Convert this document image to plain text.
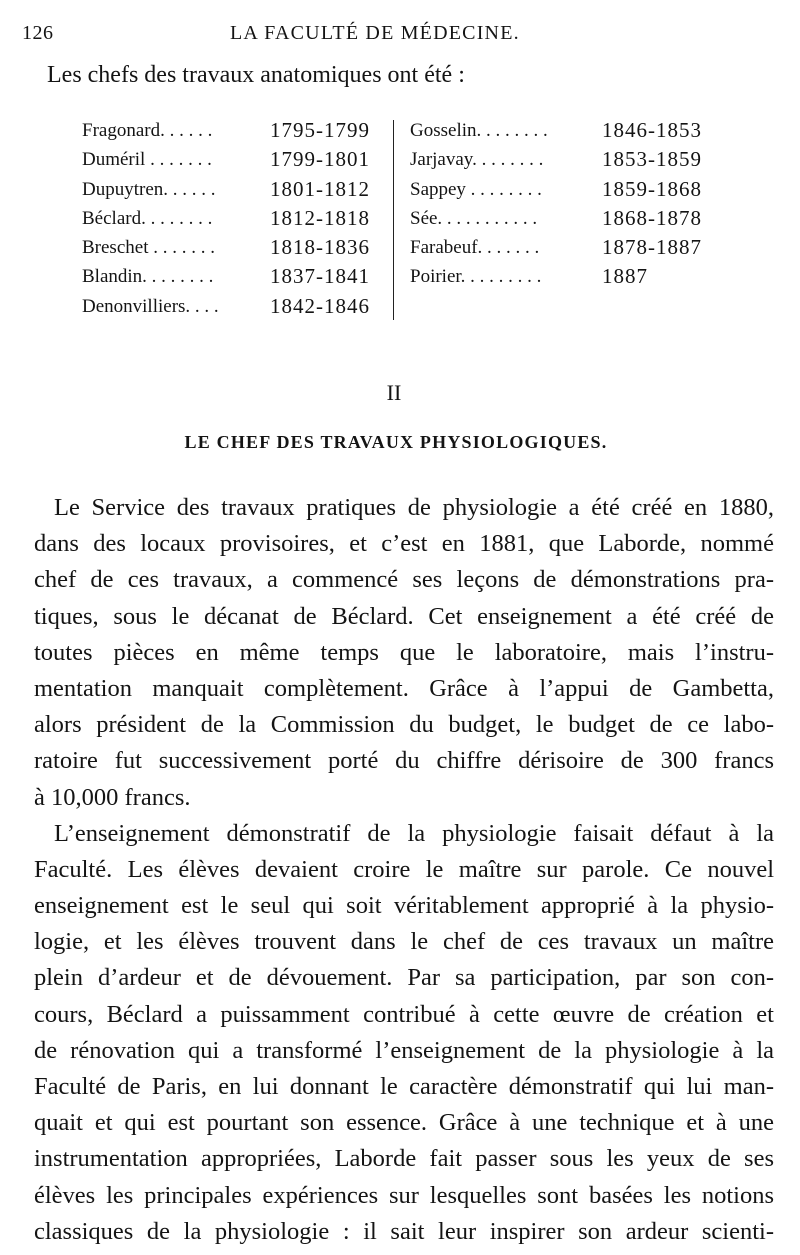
126	LA FACULTÉ DE MÉDECINE.
Les chefs des travaux anatomiques ont été :
Fragonard. . . . . .	1795-1799
Duméril . . . . . . .	1799-1801
Dupuytren. . . . . .	1801-1812
Béclard. . . . . . . .	1812-1818
Breschet . . . . . . .	1818-1836
Blandin. . . . . . . .	1837-1841
Denonvilliers. . . . 1842-1846
Gosselin. . . . . . . .	1846-1853
Jarjavay. . . . . . . .	1853-1859
Sappey . . . . . . . .	1859-1868
Sée. . . . . . . . . . .	1868-1878
Farabeuf. . . . . . .	1878-1887
Poirier. . . . . . . . .	1887
II
LE CHEF DES TRAVAUX PHYSIOLOGIQUES.
Le Service des travaux pratiques de physiologie a été créé en 1880,
dans des locaux provisoires, et c’est en 1881, que Laborde, nommé
chef de ces travaux, a commencé ses leçons de démonstrations pra-
tiques, sous le décanat de Béclard. Cet enseignement a été créé de
toutes pièces en même temps que le laboratoire, mais l’instru-
mentation manquait complètement. Grâce à l’appui de Gambetta,
alors président de la Commission du budget, le budget de ce labo-
ratoire fut successivement porté du chiffre dérisoire de 300 francs
à 10,000 francs.
L’enseignement démonstratif de la physiologie faisait défaut à la
Faculté. Les élèves devaient croire le maître sur parole. Ce nouvel
enseignement est le seul qui soit véritablement approprié à la physio-
logie, et les élèves trouvent dans le chef de ces travaux un maître
plein d’ardeur et de dévouement. Par sa participation, par son con-
cours, Béclard a puissamment contribué à cette œuvre de création et
de rénovation qui a transformé l’enseignement de la physiologie à la
Faculté de Paris, en lui donnant le caractère démonstratif qui lui man-
quait et qui est pourtant son essence. Grâce à une technique et à une
instrumentation appropriées, Laborde fait passer sous les yeux de ses
élèves les principales expériences sur lesquelles sont basées les notions
classiques de la physiologie : il sait leur inspirer son ardeur scienti-
